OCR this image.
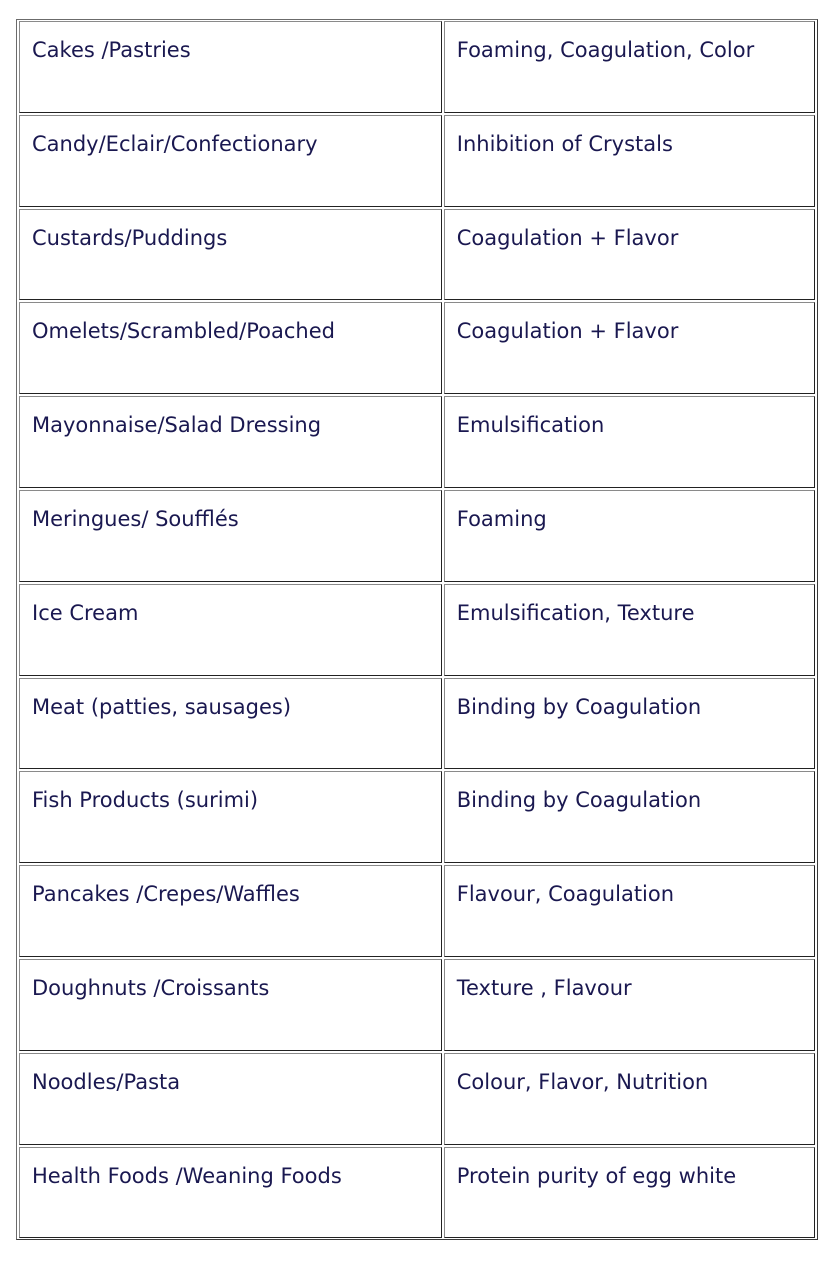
Cakes /Pastries	Foaming, Coagulation, Color
Candy/Eclair/Confectionary	Inhibition of Crystals
Custards/Puddings	Coagulation + Flavor
Omelets/Scrambled/Poached	Coagulation + Flavor
Mayonnaise/Salad Dressing	Emulsification
Meringues/ Soufflés	Foaming
Ice Cream	Emulsification, Texture
Meat (patties, sausages)	Binding by Coagulation
Fish Products (surimi)	Binding by Coagulation
Pancakes /Crepes/Waffles	Flavour, Coagulation
Doughnuts /Croissants	Texture , Flavour
Noodles/Pasta	Colour, Flavor, Nutrition
Health Foods /Weaning Foods	Protein purity of egg white
